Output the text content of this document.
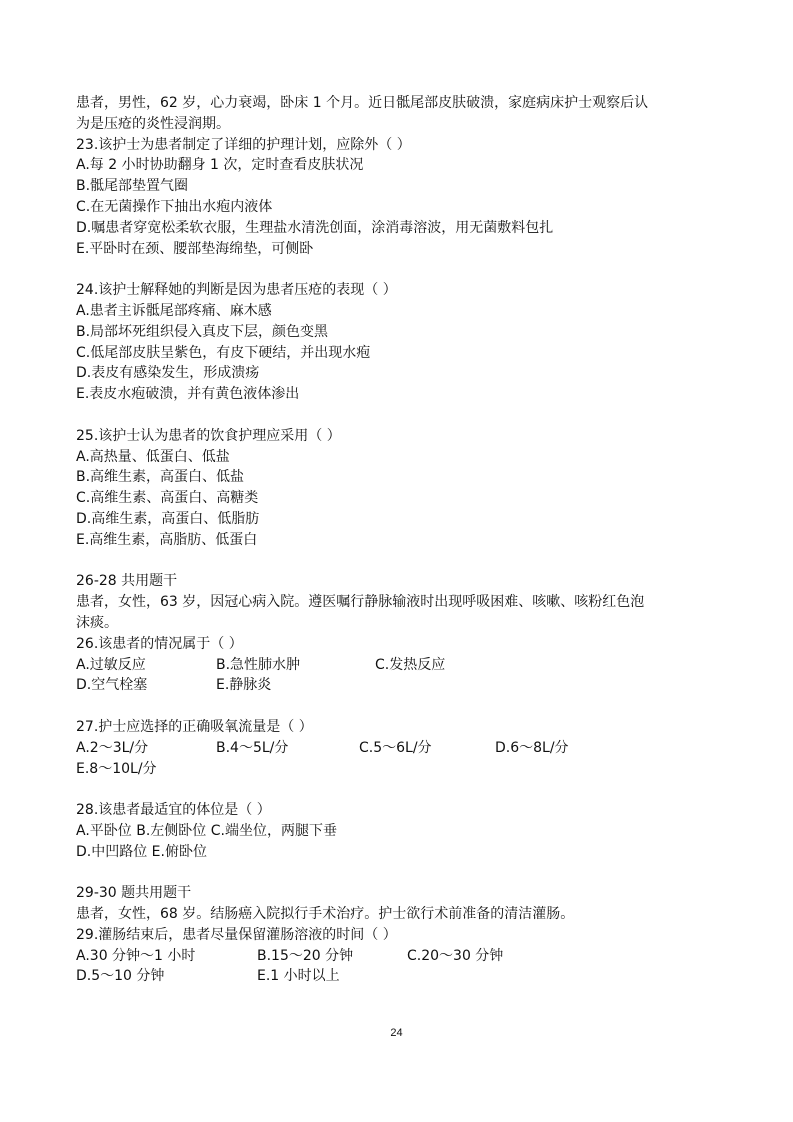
患者，男性，62 岁，心力衰竭，卧床 1 个月。近日骶尾部皮肤破溃，家庭病床护士观察后认
为是压疮的炎性浸润期。
23.该护士为患者制定了详细的护理计划，应除外（ ）
A.每 2 小时协助翻身 1 次，定时查看皮肤状况
B.骶尾部垫置气圈
C.在无菌操作下抽出水疱内液体
D.嘱患者穿宽松柔软衣服，生理盐水清洗创面，涂消毒溶波，用无菌敷料包扎
E.平卧时在颈、腰部垫海绵垫，可侧卧
24.该护士解释她的判断是因为患者压疮的表现（ ）
A.患者主诉骶尾部疼痛、麻木感
B.局部坏死组织侵入真皮下层，颜色变黑
C.低尾部皮肤呈紫色，有皮下硬结，并出现水疱
D.表皮有感染发生，形成溃疡
E.表皮水疱破溃，并有黄色液体渗出
25.该护士认为患者的饮食护理应采用（ ）
A.高热量、低蛋白、低盐
B.高维生素，高蛋白、低盐
C.高维生素、高蛋白、高糖类
D.高维生素，高蛋白、低脂肪
E.高维生素，高脂肪、低蛋白
26-28 共用题干
患者，女性，63 岁，因冠心病入院。遵医嘱行静脉输液时出现呼吸困难、咳嗽、咳粉红色泡
沫痰。
26.该患者的情况属于（ ）
A.过敏反应	B.急性肺水肿	C.发热反应
D.空气栓塞	E.静脉炎
27.护士应选择的正确吸氧流量是（ ）
A.2～3L/分	B.4～5L/分	C.5～6L/分	D.6～8L/分
E.8～10L/分
28.该患者最适宜的体位是（ ）
A.平卧位 B.左侧卧位 C.端坐位，两腿下垂
D.中凹路位 E.俯卧位
29-30 题共用题干
患者，女性，68 岁。结肠癌入院拟行手术治疗。护士欲行术前准备的清洁灌肠。
29.灌肠结束后，患者尽量保留灌肠溶液的时间（ ）
A.30 分钟～1 小时	B.15～20 分钟	C.20～30 分钟
D.5～10 分钟	E.1 小时以上
24
